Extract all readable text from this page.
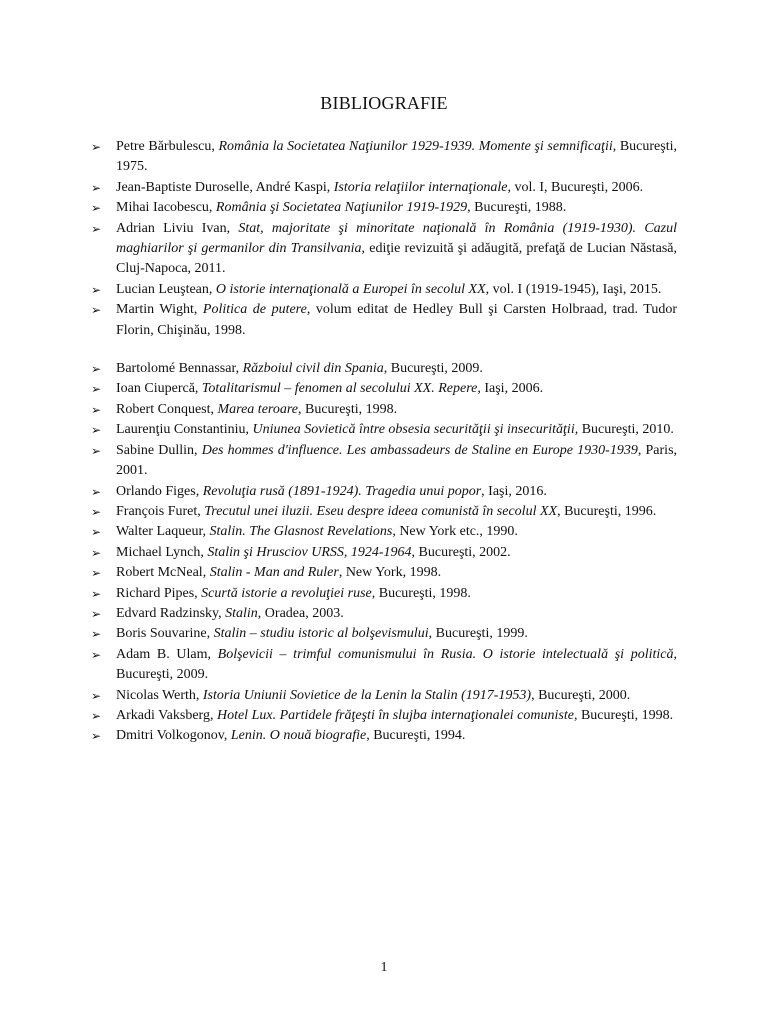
BIBLIOGRAFIE
➢ Petre Bărbulescu, România la Societatea Naţiunilor 1929-1939. Momente şi semnificaţii, Bucureşti, 1975.
➢ Jean-Baptiste Duroselle, André Kaspi, Istoria relaţiilor internaţionale, vol. I, Bucureşti, 2006.
➢ Mihai Iacobescu, România şi Societatea Naţiunilor 1919-1929, Bucureşti, 1988.
➢ Adrian Liviu Ivan, Stat, majoritate şi minoritate naţională în România (1919-1930). Cazul maghiarilor şi germanilor din Transilvania, ediţie revizuită şi adăugită, prefaţă de Lucian Năstasă, Cluj-Napoca, 2011.
➢ Lucian Leuştean, O istorie internaţională a Europei în secolul XX, vol. I (1919-1945), Iaşi, 2015.
➢ Martin Wight, Politica de putere, volum editat de Hedley Bull şi Carsten Holbraad, trad. Tudor Florin, Chişinău, 1998.
➢ Bartolomé Bennassar, Războiul civil din Spania, Bucureşti, 2009.
➢ Ioan Ciupercă, Totalitarismul – fenomen al secolului XX. Repere, Iaşi, 2006.
➢ Robert Conquest, Marea teroare, Bucureşti, 1998.
➢ Laurenţiu Constantiniu, Uniunea Sovietică între obsesia securităţii şi insecurităţii, Bucureşti, 2010.
➢ Sabine Dullin, Des hommes d'influence. Les ambassadeurs de Staline en Europe 1930-1939, Paris, 2001.
➢ Orlando Figes, Revoluţia rusă (1891-1924). Tragedia unui popor, Iaşi, 2016.
➢ François Furet, Trecutul unei iluzii. Eseu despre ideea comunistă în secolul XX, Bucureşti, 1996.
➢ Walter Laqueur, Stalin. The Glasnost Revelations, New York etc., 1990.
➢ Michael Lynch, Stalin şi Hrusciov URSS, 1924-1964, Bucureşti, 2002.
➢ Robert McNeal, Stalin - Man and Ruler, New York, 1998.
➢ Richard Pipes, Scurtă istorie a revoluţiei ruse, Bucureşti, 1998.
➢ Edvard Radzinsky, Stalin, Oradea, 2003.
➢ Boris Souvarine, Stalin – studiu istoric al bolşevismului, Bucureşti, 1999.
➢ Adam B. Ulam, Bolşevicii – trimful comunismului în Rusia. O istorie intelectuală şi politică, Bucureşti, 2009.
➢ Nicolas Werth, Istoria Uniunii Sovietice de la Lenin la Stalin (1917-1953), Bucureşti, 2000.
➢ Arkadi Vaksberg, Hotel Lux. Partidele frăţeşti în slujba internaţionalei comuniste, Bucureşti, 1998.
➢ Dmitri Volkogonov, Lenin. O nouă biografie, Bucureşti, 1994.
1
